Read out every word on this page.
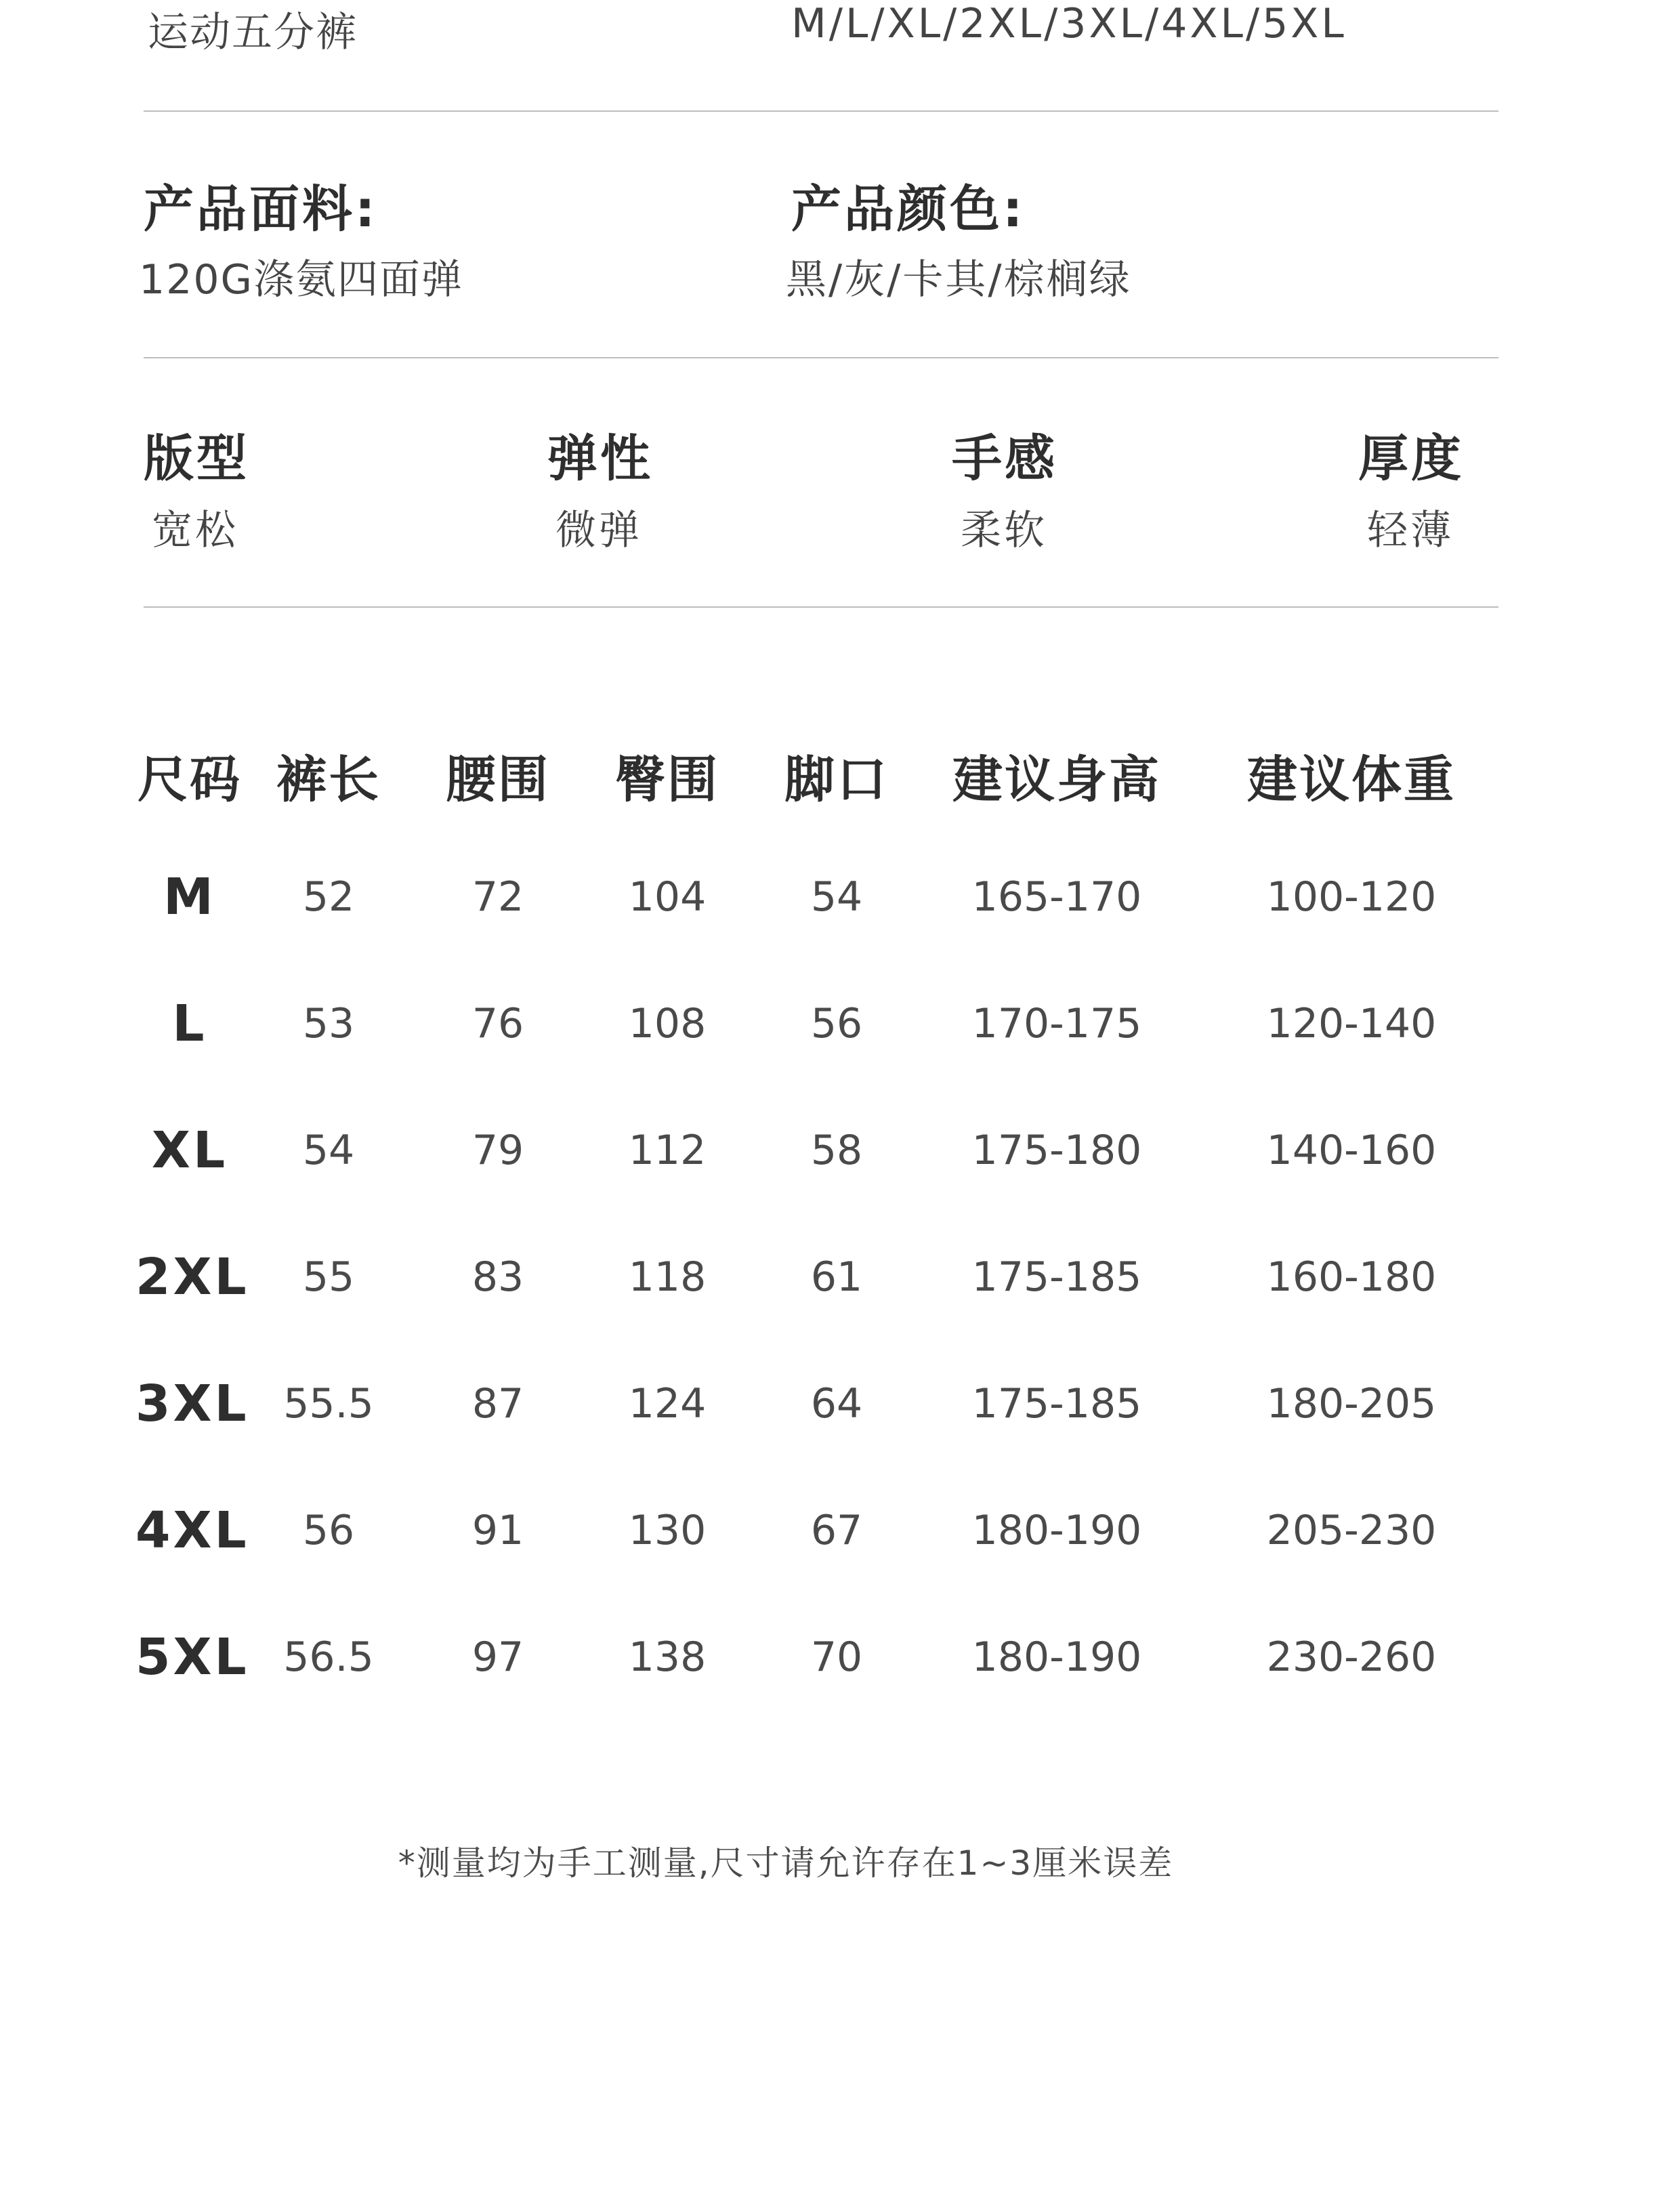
运动五分裤	M/L/XL/2XL/3XL/4XL/5XL
产品面料:
120G涤氨四面弹
产品颜色:
黑/灰/卡其/棕榈绿
版型
宽松
弹性
微弹
手感
柔软
厚度
轻薄
尺码	裤长	腰围	臀围	脚口	建议身高	建议体重
M	52	72	104	54	165-170	100-120
L	53	76	108	56	170-175	120-140
XL	54	79	112	58	175-180	140-160
2XL	55	83	118	61	175-185	160-180
3XL	55.5	87	124	64	175-185	180-205
4XL	56	91	130	67	180-190	205-230
5XL	56.5	97	138	70	180-190	230-260
*测量均为手工测量,尺寸请允许存在1~3厘米误差
